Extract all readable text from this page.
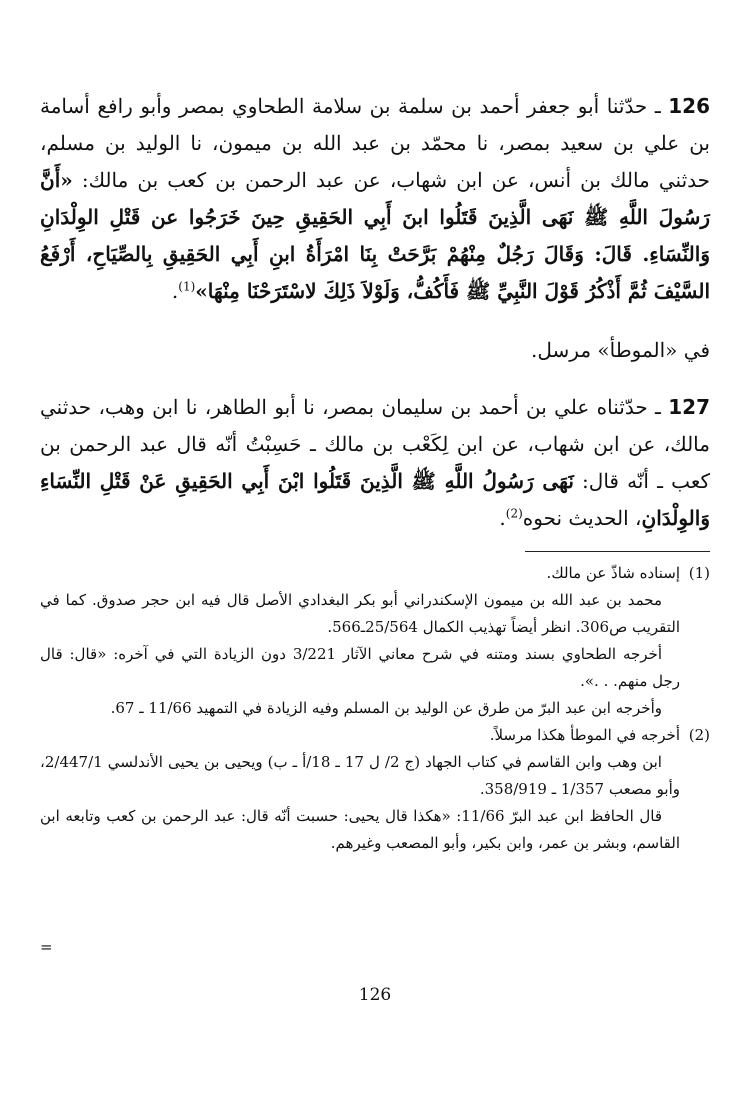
126 ـ حدّثنا أبو جعفر أحمد بن سلمة بن سلامة الطحاوي بمصر وأبو رافع أسامة بن علي بن سعيد بمصر، نا محمّد بن عبد الله بن ميمون، نا الوليد بن مسلم، حدثني مالك بن أنس، عن ابن شهاب، عن عبد الرحمن بن كعب بن مالك: «أَنَّ رَسُولَ اللَّهِ ﷺ نَهَى الَّذِينَ قَتَلُوا ابنَ أَبِي الحَقِيقِ حِينَ خَرَجُوا عن قَتْلِ الوِلْدَانِ وَالنِّسَاءِ. قَالَ: وَقَالَ رَجُلٌ مِنْهُمْ بَرَّحَتْ بِنَا امْرَأَةُ ابنِ أَبِي الحَقِيقِ بِالصِّيَاحِ، أَرْفَعُ السَّيْفَ ثُمَّ أَذْكُرُ قَوْلَ النَّبِيِّ ﷺ فَأَكُفُّ، وَلَوْلاَ ذَلِكَ لاسْتَرَحْنَا مِنْهَا»$^{(1)}$.

في «الموطأ» مرسل.

127 ـ حدّثناه علي بن أحمد بن سليمان بمصر، نا أبو الطاهر، نا ابن وهب، حدثني مالك، عن ابن شهاب، عن ابن لِكَعْب بن مالك ـ حَسِبْتُ أنّه قال عبد الرحمن بن كعب ـ أنّه قال: نَهَى رَسُولُ اللَّهِ ﷺ الَّذِينَ قَتَلُوا ابْنَ أَبِي الحَقِيقِ عَنْ قَتْلِ النِّسَاءِ وَالوِلْدَانِ، الحديث نحوه$^{(2)}$.

(1)
إسناده شاذّ عن مالك.

محمد بن عبد الله بن ميمون الإسكندراني أبو بكر البغدادي الأصل قال فيه ابن حجر صدوق. كما في التقريب ص306. انظر أيضاً تهذيب الكمال 25/564ـ566.

أخرجه الطحاوي بسند ومتنه في شرح معاني الآثار 3/221 دون الزيادة التي في آخره: «قال: قال رجل منهم. . .».

وأخرجه ابن عبد البرّ من طرق عن الوليد بن المسلم وفيه الزيادة في التمهيد 11/66 ـ 67.

(2)
أخرجه في الموطأ هكذا مرسلاً.

ابن وهب وابن القاسم في كتاب الجهاد (ج 2/ ل 17 ـ 18/أ ـ ب) ويحيى بن يحيى الأندلسي 2/447/1، وأبو مصعب 1/357 ـ 358/919.

قال الحافظ ابن عبد البرّ 11/66: «هكذا قال يحيى: حسبت أنّه قال: عبد الرحمن بن كعب وتابعه ابن القاسم، وبشر بن عمر، وابن بكير، وأبو المصعب وغيرهم.

=
126
